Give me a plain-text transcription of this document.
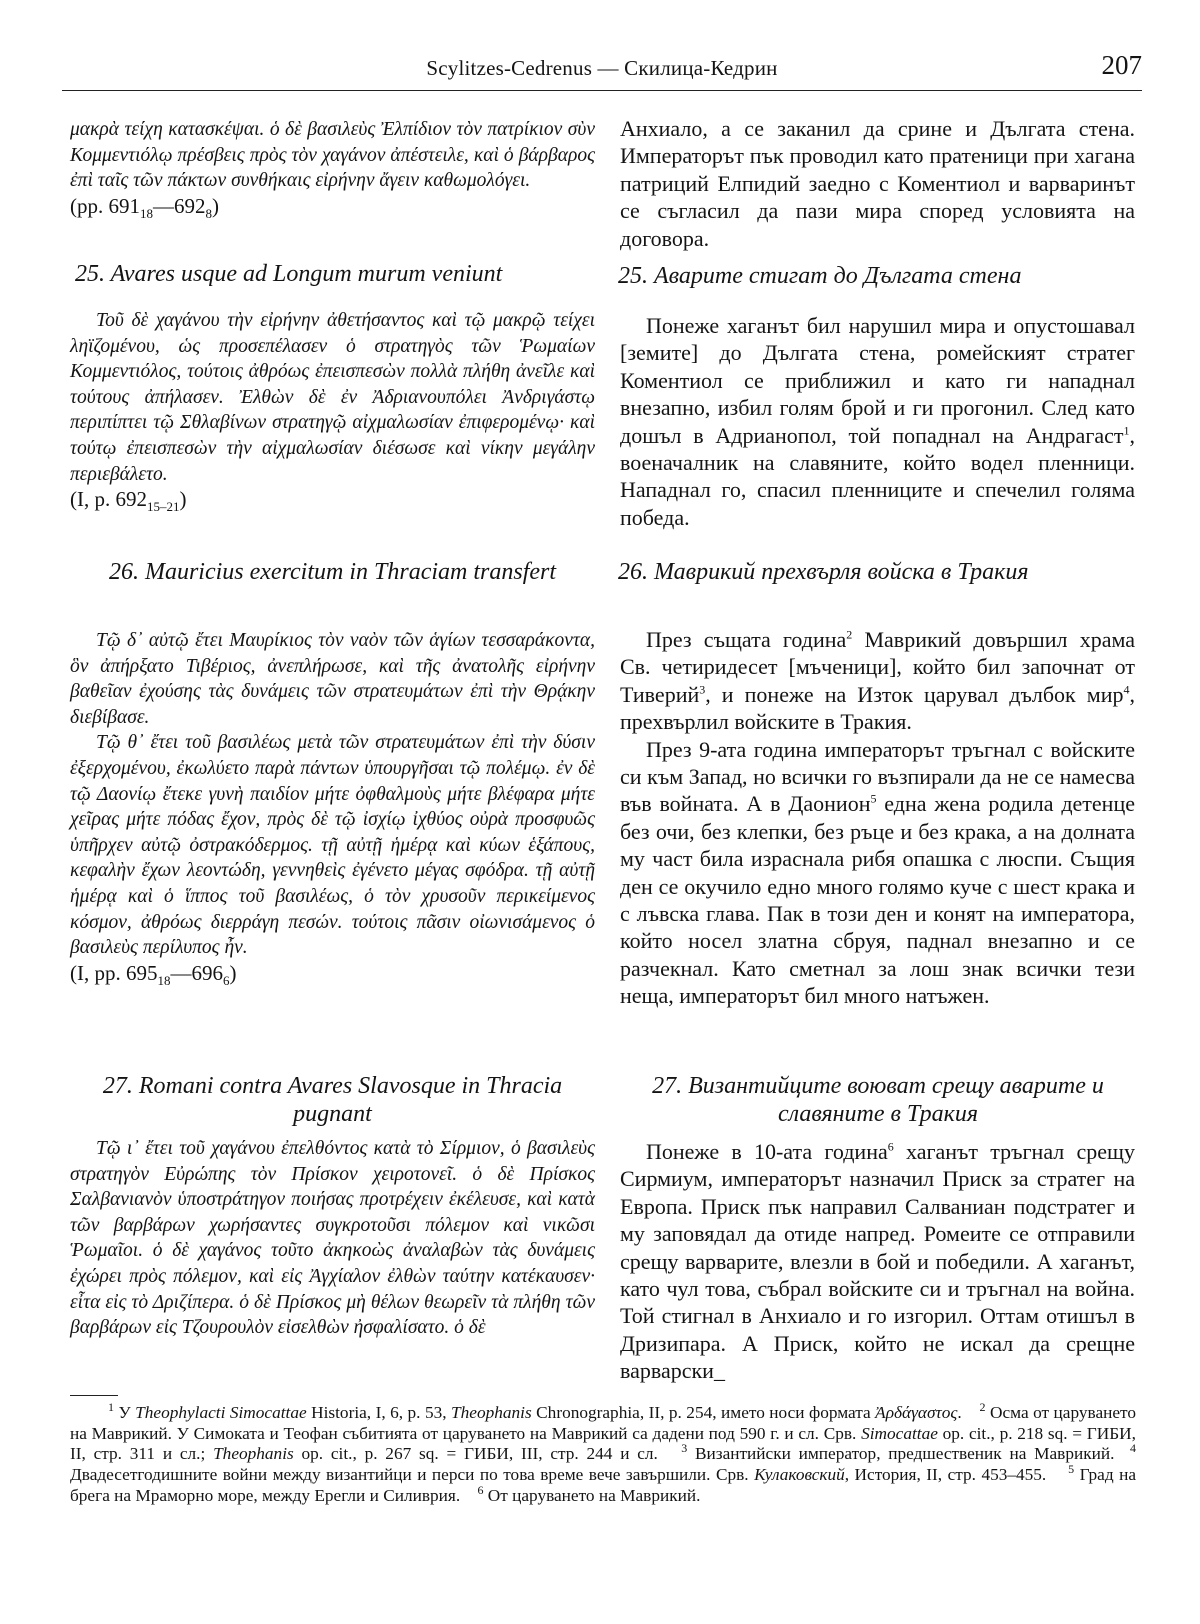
Scylitzes-Cedrenus — Скилица-Кедрин	207

μακρὰ τείχη κατασκέψαι. ὁ δὲ βασιλεὺς Ἐλπίδιον τὸν πατρίκιον σὺν Κομμεντιόλῳ πρέσβεις πρὸς τὸν χαγάνον ἀπέστειλε, καὶ ὁ βάρβαρος ἐπὶ ταῖς τῶν πάκτων συνθήκαις εἰρήνην ἄγειν καθωμολόγει.

(pp. $691_{18}—692_8$)
25. Avares usque ad Longum murum veniunt

Τοῦ δὲ χαγάνου τὴν εἰρήνην ἀθετήσαντος καὶ τῷ μακρῷ τείχει ληϊζομένου, ὡς προσεπέλασεν ὁ στρατηγὸς τῶν Ῥωμαίων Κομμεντιόλος, τούτοις ἀθρόως ἐπεισπεσὼν πολλὰ πλήθη ἀνεῖλε καὶ τούτους ἀπήλασεν. Ἐλθὼν δὲ ἐν Ἀδριανουπόλει Ἀνδριγάστῳ περιπίπτει τῷ Σθλαβίνων στρατηγῷ αἰχμαλωσίαν ἐπιφερομένῳ· καὶ τούτῳ ἐπεισπεσὼν τὴν αἰχμαλωσίαν διέσωσε καὶ νίκην μεγάλην περιεβάλετο.

(I, p. $692_{15-21}$)
26. Mauricius exercitum in Thraciam transfert

Τῷ δ᾽ αὐτῷ ἔτει Μαυρίκιος τὸν ναὸν τῶν ἁγίων τεσσαράκοντα, ὃν ἀπήρξατο Τιβέριος, ἀνεπλήρωσε, καὶ τῆς ἀνατολῆς εἰρήνην βαθεῖαν ἐχούσης τὰς δυνάμεις τῶν στρατευμάτων ἐπὶ τὴν Θρᾴκην διεβίβασε.

Τῷ θ᾽ ἔτει τοῦ βασιλέως μετὰ τῶν στρατευμάτων ἐπὶ τὴν δύσιν ἐξερχομένου, ἐκωλύετο παρὰ πάντων ὑπουργῆσαι τῷ πολέμῳ. ἐν δὲ τῷ Δαονίῳ ἔτεκε γυνὴ παιδίον μήτε ὀφθαλμοὺς μήτε βλέφαρα μήτε χεῖρας μήτε πόδας ἔχον, πρὸς δὲ τῷ ἰσχίῳ ἰχθύος οὐρὰ προσφυῶς ὑπῆρχεν αὐτῷ ὀστρακόδερμος. τῇ αὐτῇ ἡμέρᾳ καὶ κύων ἑξάπους, κεφαλὴν ἔχων λεοντώδη, γεννηθεὶς ἐγένετο μέγας σφόδρα. τῇ αὐτῇ ἡμέρᾳ καὶ ὁ ἵππος τοῦ βασιλέως, ὁ τὸν χρυσοῦν περικείμενος κόσμον, ἀθρόως διερράγη πεσών. τούτοις πᾶσιν οἰωνισάμενος ὁ βασιλεὺς περίλυπος ἦν.

(I, pp. $695_{18}—696_6$)
27. Romani contra Avares Slavosque in Thracia pugnant

Τῷ ι᾽ ἔτει τοῦ χαγάνου ἐπελθόντος κατὰ τὸ Σίρμιον, ὁ βασιλεὺς στρατηγὸν Εὐρώπης τὸν Πρίσκον χειροτονεῖ. ὁ δὲ Πρίσκος Σαλβανιανὸν ὑποστράτηγον ποιήσας προτρέχειν ἐκέλευσε, καὶ κατὰ τῶν βαρβάρων χωρήσαντες συγκροτοῦσι πόλεμον καὶ νικῶσι Ῥωμαῖοι. ὁ δὲ χαγάνος τοῦτο ἀκηκοὼς ἀναλαβὼν τὰς δυνάμεις ἐχώρει πρὸς πόλεμον, καὶ εἰς Ἀγχίαλον ἐλθὼν ταύτην κατέκαυσεν· εἶτα εἰς τὸ Δριζίπερα. ὁ δὲ Πρίσκος μὴ θέλων θεωρεῖν τὰ πλήθη τῶν βαρβάρων εἰς Τζουρουλὸν εἰσελθὼν ἠσφαλίσατο. ὁ δὲ

Анхиало, а се заканил да срине и Дългата стена. Императорът пък проводил като пратеници при хагана патриций Елпидий заедно с Коментиол и варваринът се съгласил да пази мира според условията на договора.

25. Аварите стигат до Дългата стена

Понеже хаганът бил нарушил мира и опустошавал [земите] до Дългата стена, ромейският стратег Коментиол се приближил и като ги нападнал внезапно, избил голям брой и ги прогонил. След като дошъл в Адрианопол, той попаднал на Андрагаст$^1$, военачалник на славяните, който водел пленници. Нападнал го, спасил пленниците и спечелил голяма победа.

26. Маврикий прехвърля войска в Тракия

През същата година$^2$ Маврикий довършил храма Св. четиридесет [мъченици], който бил започнат от Тиверий$^3$, и понеже на Изток царувал дълбок мир$^4$, прехвърлил войските в Тракия.

През 9-ата година императорът тръгнал с войските си към Запад, но всички го възпирали да не се намесва във войната. А в Даонион$^5$ една жена родила детенце без очи, без клепки, без ръце и без крака, а на долната му част била израснала рибя опашка с люспи. Същия ден се окучило едно много голямо куче с шест крака и с лъвска глава. Пак в този ден и конят на императора, който носел златна сбруя, паднал внезапно и се разчекнал. Като сметнал за лош знак всички тези неща, императорът бил много натъжен.

27. Византийците воюват срещу аварите и славяните в Тракия

Понеже в 10-ата година$^6$ хаганът тръгнал срещу Сирмиум, императорът назначил Приск за стратег на Европа. Приск пък направил Салваниан подстратег и му заповядал да отиде напред. Ромеите се отправили срещу варварите, влезли в бой и победили. А хаганът, като чул това, събрал войските си и тръгнал на война. Той стигнал в Анхиало и го изгорил. Оттам отишъл в Дризипара. А Приск, който не искал да срещне варварски_

$^1$ У Theophylacti Simocattae Historia, I, 6, p. 53, Theophanis Chronographia, II, p. 254, името носи формата Ἀρδάγαστος. $^2$ Осма от царуването на Маврикий. У Симоката и Теофан събитията от царуването на Маврикий са дадени под 590 г. и сл. Срв. Simocattae op. cit., p. 218 sq. = ГИБИ, II, стр. 311 и сл.; Theophanis op. cit., p. 267 sq. = ГИБИ, III, стр. 244 и сл. $^3$ Византийски император, предшественик на Маврикий. $^4$ Двадесетгодишните войни между византийци и перси по това време вече завършили. Срв. Кулаковский, История, II, стр. 453–455. $^5$ Град на брега на Мраморно море, между Ерегли и Силиврия. $^6$ От царуването на Маврикий.
